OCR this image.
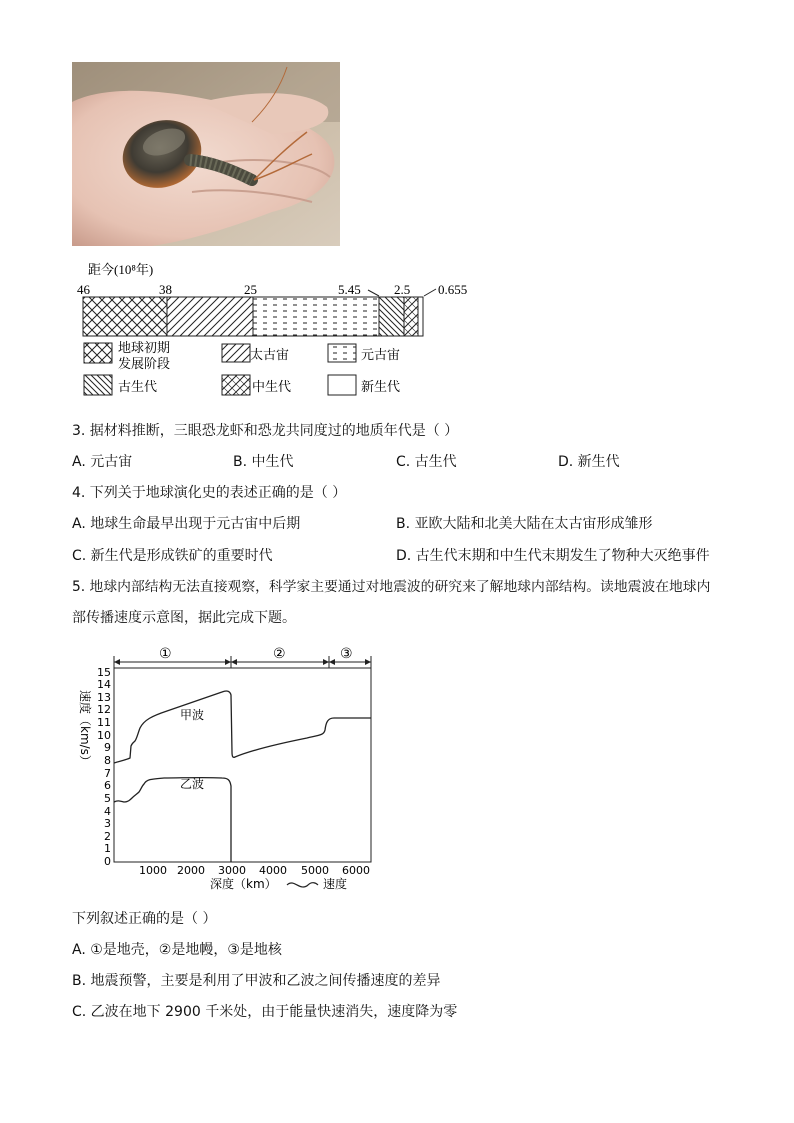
距今(10⁸年)
46	38	25	5.45	2.5 0.655
地球初期
发展阶段
太古宙	元古宙
古生代	中生代	新生代
3. 据材料推断，三眼恐龙虾和恐龙共同度过的地质年代是（ ）
A. 元古宙	B. 中生代	C. 古生代	D. 新生代
4. 下列关于地球演化史的表述正确的是（ ）
A. 地球生命最早出现于元古宙中后期	B. 亚欧大陆和北美大陆在太古宙形成雏形
C. 新生代是形成铁矿的重要时代	D. 古生代末期和中生代末期发生了物种大灭绝事件
5. 地球内部结构无法直接观察，科学家主要通过对地震波的研究来了解地球内部结构。读地震波在地球内
部传播速度示意图，据此完成下题。
①	②	③
15
14
13
12
11
10
9
8
7
6
5
4
3
2
1
0
速度（km/s）
1000 2000 3000 4000 5000 6000
深度（km）	速度
甲波
乙波
下列叙述正确的是（ ）
A. ①是地壳，②是地幔，③是地核
B. 地震预警，主要是利用了甲波和乙波之间传播速度的差异
C. 乙波在地下 2900 千米处，由于能量快速消失，速度降为零
